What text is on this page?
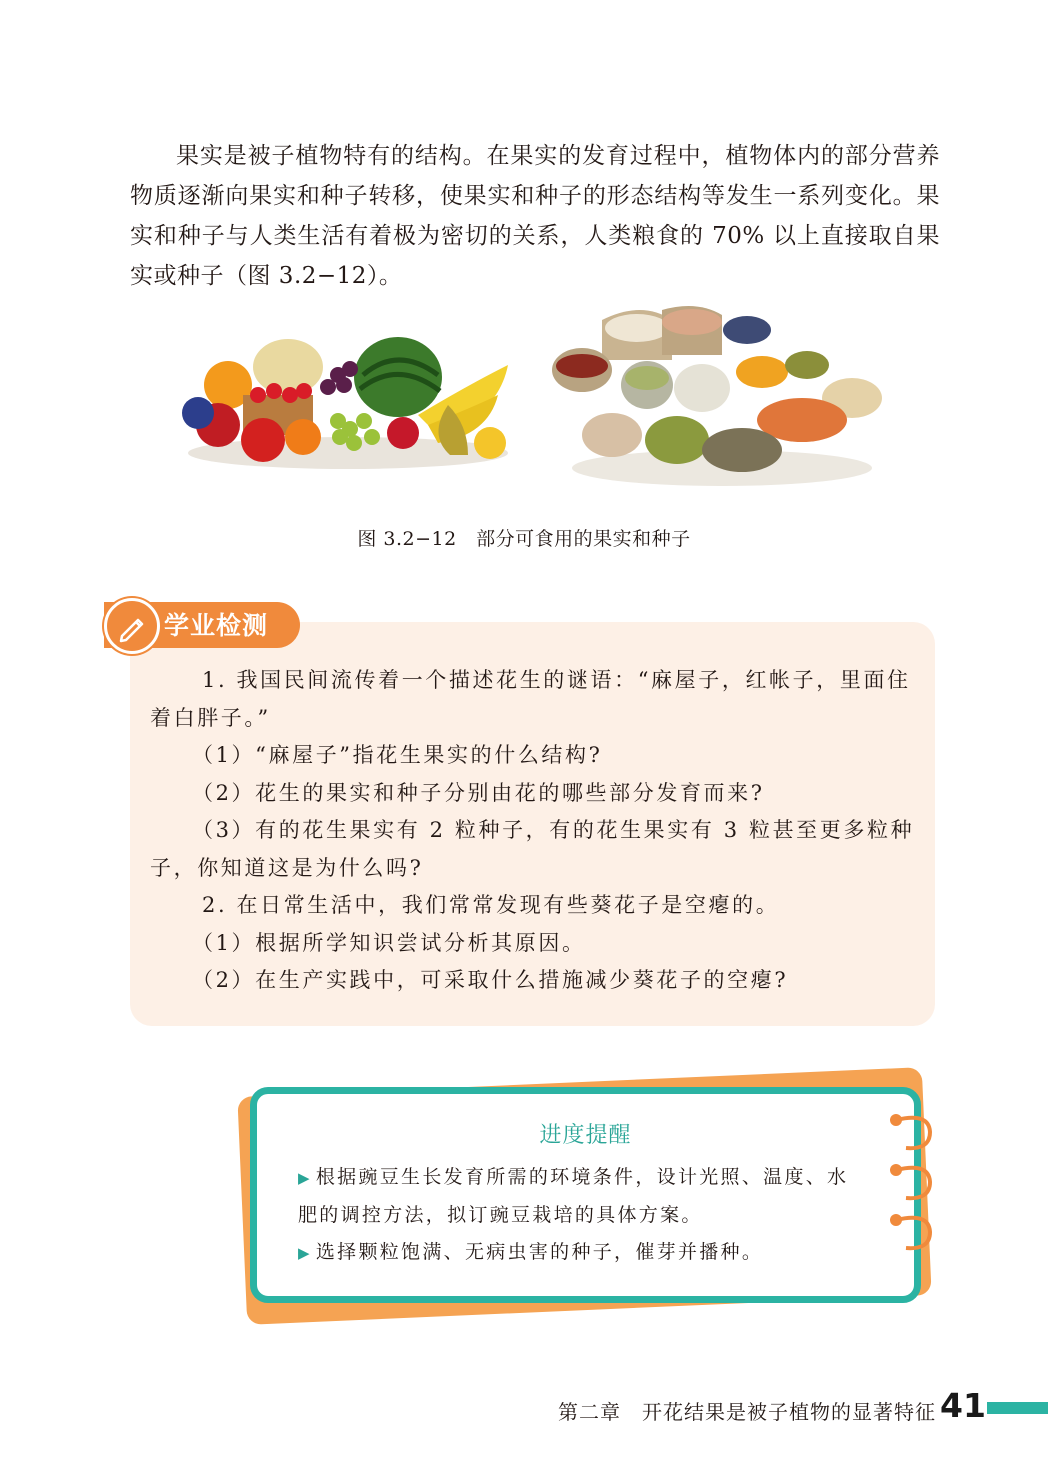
果实是被子植物特有的结构。在果实的发育过程中，植物体内的部分营养物质逐渐向果实和种子转移，使果实和种子的形态结构等发生一系列变化。果实和种子与人类生活有着极为密切的关系，人类粮食的 70% 以上直接取自果实或种子（图 3.2−12）。

图 3.2−12　部分可食用的果实和种子
学业检测

1. 我国民间流传着一个描述花生的谜语：“麻屋子，红帐子，里面住着白胖子。”

（1）“麻屋子”指花生果实的什么结构?

（2）花生的果实和种子分别由花的哪些部分发育而来?

（3）有的花生果实有 2 粒种子，有的花生果实有 3 粒甚至更多粒种子，你知道这是为什么吗?

2. 在日常生活中，我们常常发现有些葵花子是空瘪的。

（1）根据所学知识尝试分析其原因。

（2）在生产实践中，可采取什么措施减少葵花子的空瘪?

进度提醒

▶ 根据豌豆生长发育所需的环境条件，设计光照、温度、水肥的调控方法，拟订豌豆栽培的具体方案。

▶ 选择颗粒饱满、无病虫害的种子，催芽并播种。

第二章　开花结果是被子植物的显著特征 41
